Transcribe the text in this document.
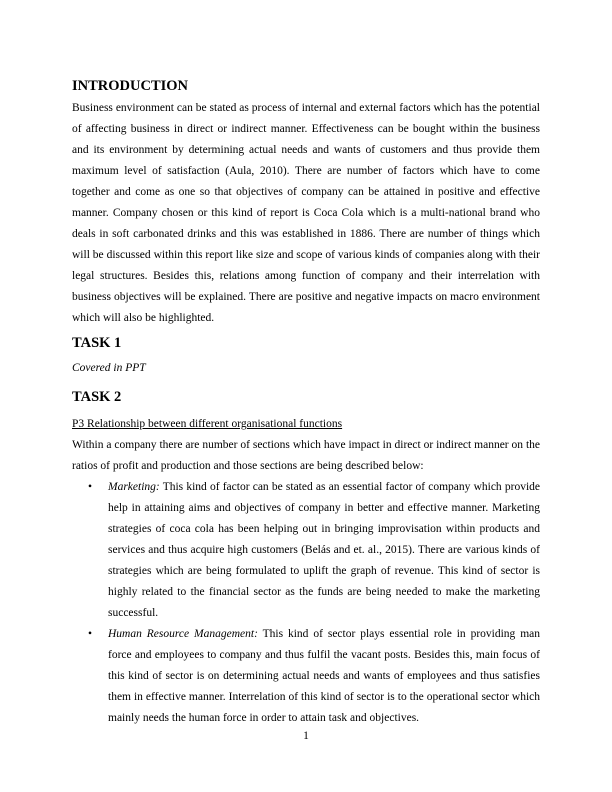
INTRODUCTION

Business environment can be stated as process of internal and external factors which has the potential of affecting business in direct or indirect manner. Effectiveness can be bought within the business and its environment by determining actual needs and wants of customers and thus provide them maximum level of satisfaction (Aula, 2010). There are number of factors which have to come together and come as one so that objectives of company can be attained in positive and effective manner. Company chosen or this kind of report is Coca Cola which is a multi-national brand who deals in soft carbonated drinks and this was established in 1886. There are number of things which will be discussed within this report like size and scope of various kinds of companies along with their legal structures. Besides this, relations among function of company and their interrelation with business objectives will be explained. There are positive and negative impacts on macro environment which will also be highlighted.

TASK 1

Covered in PPT

TASK 2

P3 Relationship between different organisational functions

Within a company there are number of sections which have impact in direct or indirect manner on the ratios of profit and production and those sections are being described below:

• Marketing: This kind of factor can be stated as an essential factor of company which provide help in attaining aims and objectives of company in better and effective manner. Marketing strategies of coca cola has been helping out in bringing improvisation within products and services and thus acquire high customers (Belás and et. al., 2015). There are various kinds of strategies which are being formulated to uplift the graph of revenue. This kind of sector is highly related to the financial sector as the funds are being needed to make the marketing successful.
• Human Resource Management: This kind of sector plays essential role in providing man force and employees to company and thus fulfil the vacant posts. Besides this, main focus of this kind of sector is on determining actual needs and wants of employees and thus satisfies them in effective manner. Interrelation of this kind of sector is to the operational sector which mainly needs the human force in order to attain task and objectives.
1
